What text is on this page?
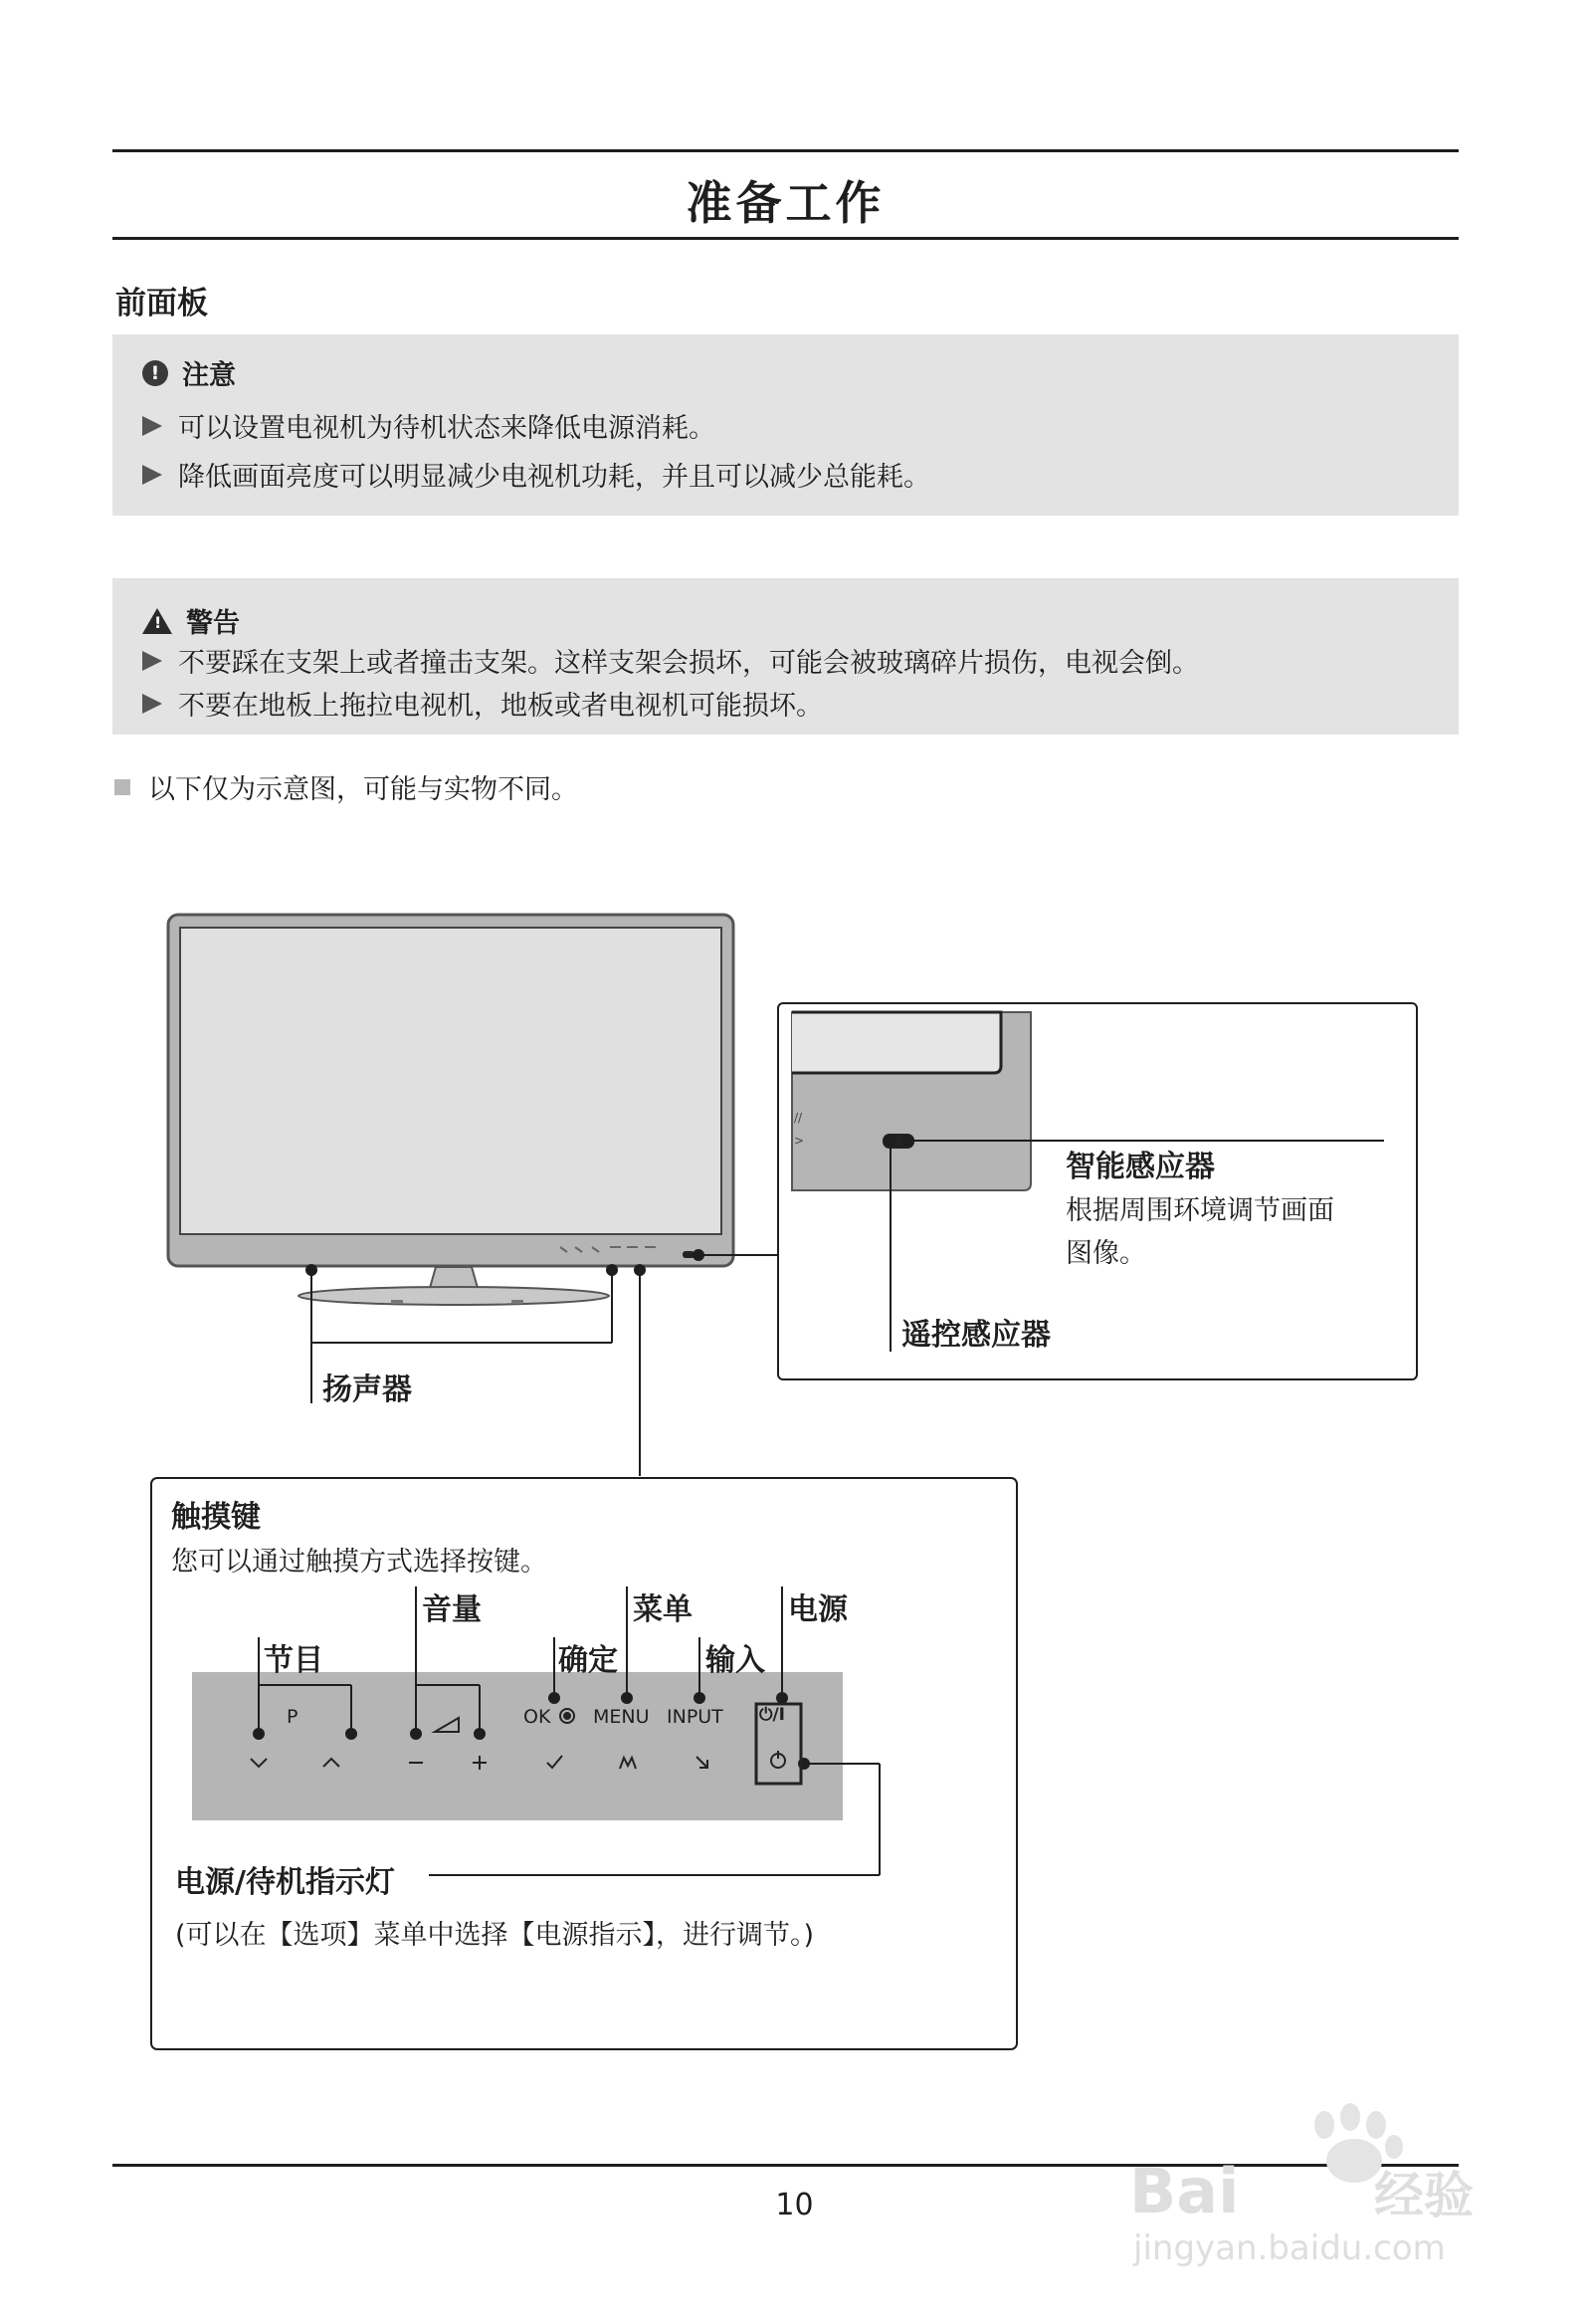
准备工作
前面板
! 注意
可以设置电视机为待机状态来降低电源消耗。
降低画面亮度可以明显减少电视机功耗，并且可以减少总能耗。
!
警告
不要踩在支架上或者撞击支架。这样支架会损坏，可能会被玻璃碎片损伤，电视会倒。
不要在地板上拖拉电视机，地板或者电视机可能损坏。
以下仅为示意图，可能与实物不同。
//
>
扬声器
智能感应器
根据周围环境调节画面
图像。
遥控感应器
触摸键
您可以通过触摸方式选择按键。
节目
音量	菜单	电源
确定	输入
P	OK MENU INPUT ⏻/I
电源/待机指示灯
(可以在【选项】菜单中选择【电源指示】，进行调节。)
10	Bai	经验
jingyan.baidu.com
